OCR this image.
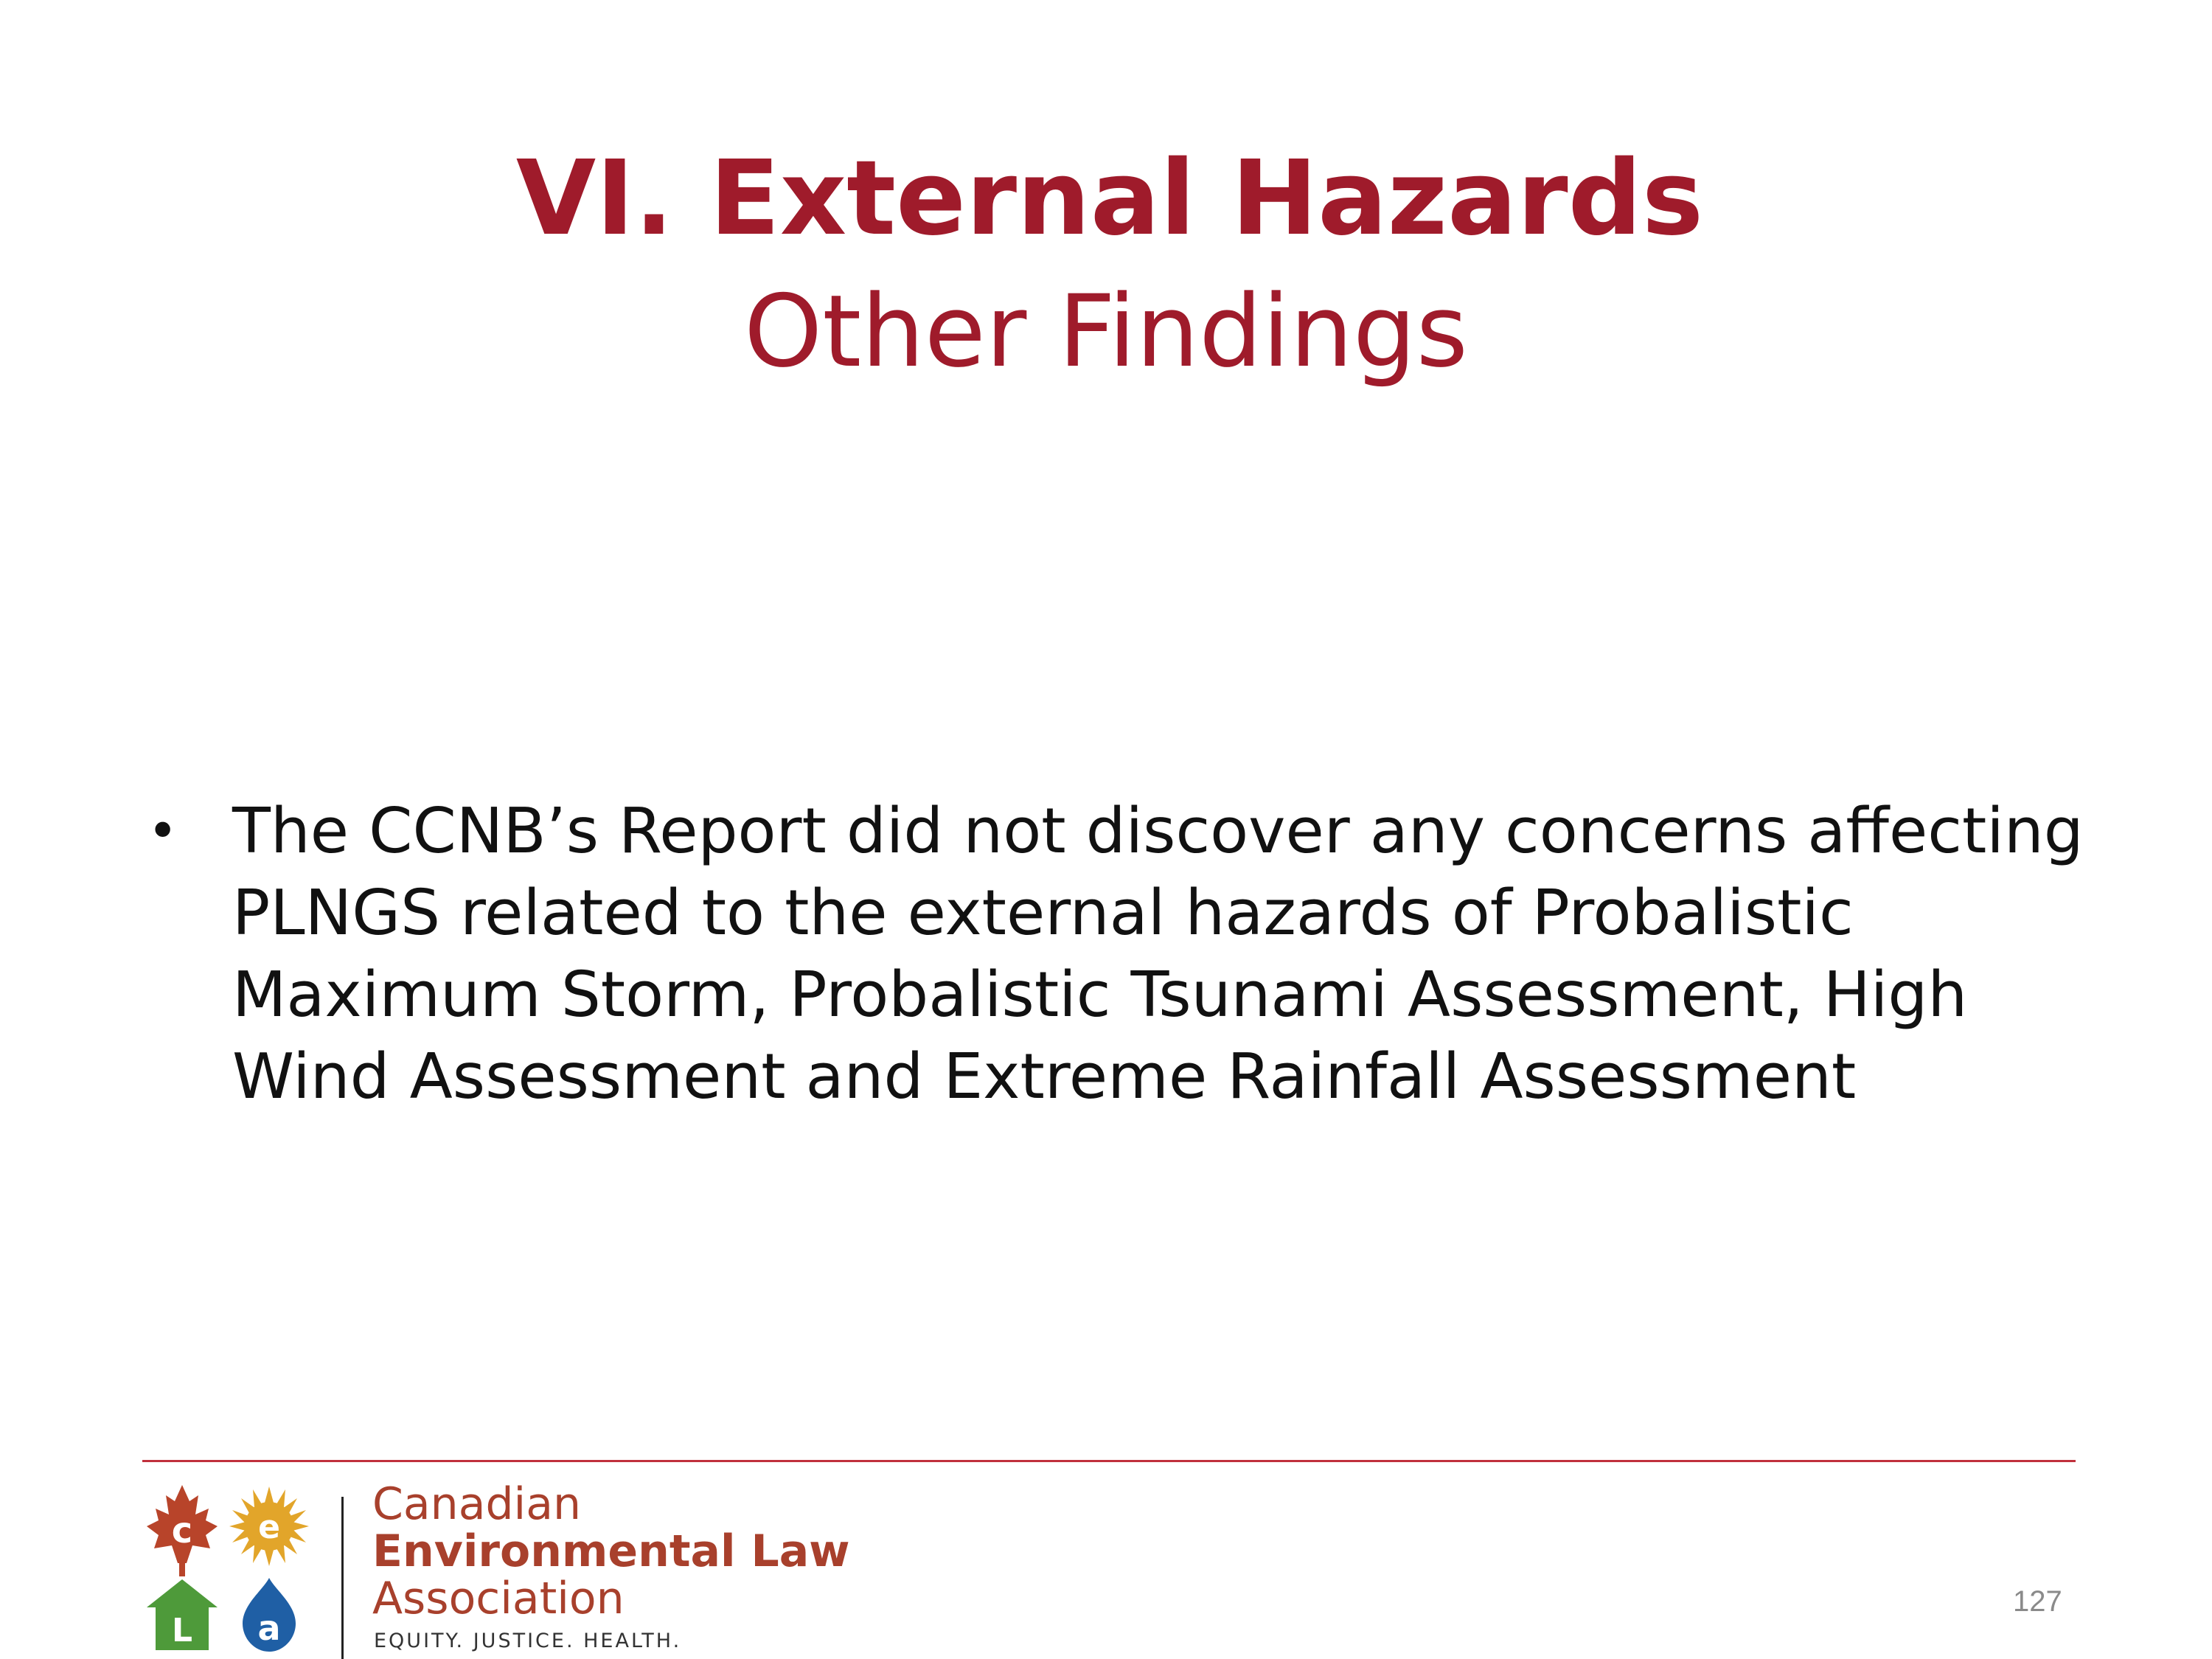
VI. External Hazards
Other Findings
• The CCNB’s Report did not discover any concerns affecting
PLNGS related to the external hazards of Probalistic
Maximum Storm, Probalistic Tsunami Assessment, High
Wind Assessment and Extreme Rainfall Assessment
c e
L a
Canadian
Environmental Law
Association
EQUITY. JUSTICE. HEALTH.
127
